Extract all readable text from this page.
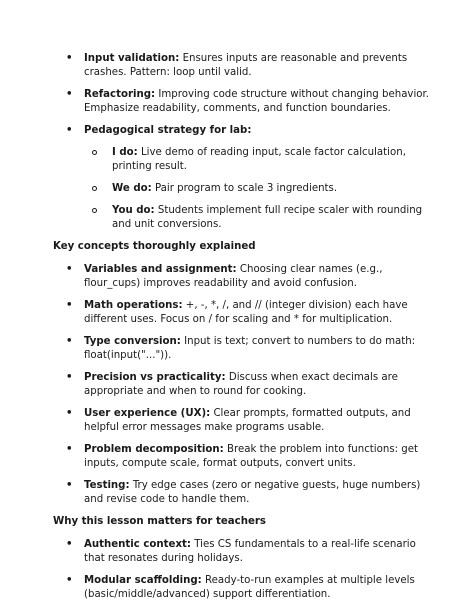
• Input validation: Ensures inputs are reasonable and prevents crashes. Pattern: loop until valid.
• Refactoring: Improving code structure without changing behavior. Emphasize readability, comments, and function boundaries.
• Pedagogical strategy for lab:
I do: Live demo of reading input, scale factor calculation, printing result.
We do: Pair program to scale 3 ingredients.
You do: Students implement full recipe scaler with rounding and unit conversions.
Key concepts thoroughly explained
• Variables and assignment: Choosing clear names (e.g., flour_cups) improves readability and avoid confusion.
• Math operations: +, -, *, /, and // (integer division) each have different uses. Focus on / for scaling and * for multiplication.
• Type conversion: Input is text; convert to numbers to do math: float(input("...")).
• Precision vs practicality: Discuss when exact decimals are appropriate and when to round for cooking.
• User experience (UX): Clear prompts, formatted outputs, and helpful error messages make programs usable.
• Problem decomposition: Break the problem into functions: get inputs, compute scale, format outputs, convert units.
• Testing: Try edge cases (zero or negative guests, huge numbers) and revise code to handle them.
Why this lesson matters for teachers
• Authentic context: Ties CS fundamentals to a real-life scenario that resonates during holidays.
• Modular scaffolding: Ready-to-run examples at multiple levels (basic/middle/advanced) support differentiation.
